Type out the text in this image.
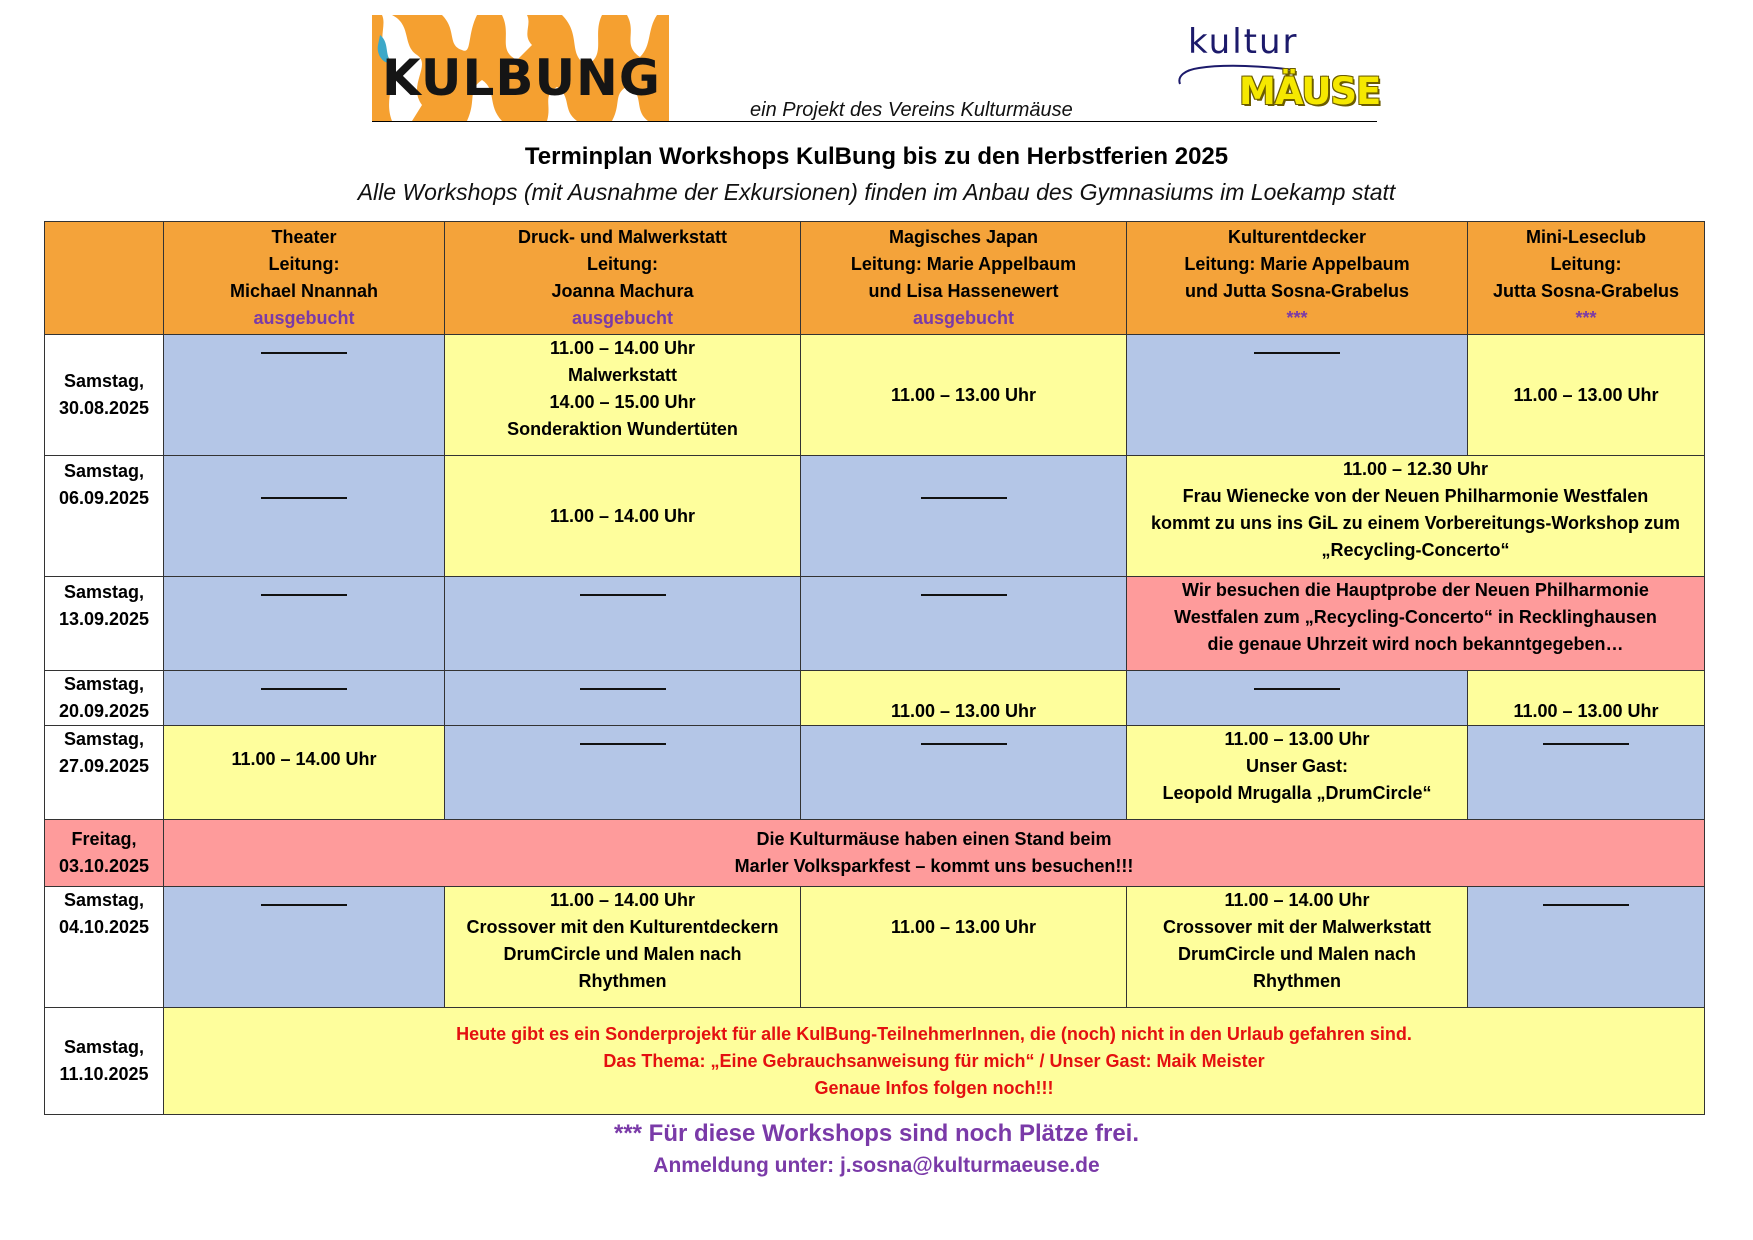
KULBUNG
ein Projekt des Vereins Kulturmäuse
kultur
MÄUSE
Terminplan Workshops KulBung bis zu den Herbstferien 2025
Alle Workshops (mit Ausnahme der Exkursionen) finden im Anbau des Gymnasiums im Loekamp statt

	Theater
Leitung:
Michael Nnannah
ausgebucht	Druck- und Malwerkstatt
Leitung:
Joanna Machura
ausgebucht	Magisches Japan
Leitung: Marie Appelbaum
und Lisa Hassenewert
ausgebucht	Kulturentdecker
Leitung: Marie Appelbaum
und Jutta Sosna-Grabelus
***	Mini-Leseclub
Leitung:
Jutta Sosna-Grabelus
***

Samstag,
30.08.2025		11.00 – 14.00 Uhr
Malwerkstatt
14.00 – 15.00 Uhr
Sonderaktion Wundertüten	11.00 – 13.00 Uhr		11.00 – 13.00 Uhr

Samstag,
06.09.2025		11.00 – 14.00 Uhr		11.00 – 12.30 Uhr
Frau Wienecke von der Neuen Philharmonie Westfalen
kommt zu uns ins GiL zu einem Vorbereitungs-Workshop zum
„Recycling-Concerto“	

Samstag,
13.09.2025				Wir besuchen die Hauptprobe der Neuen Philharmonie
Westfalen zum „Recycling-Concerto“ in Recklinghausen
die genaue Uhrzeit wird noch bekanntgegeben…	

Samstag,
20.09.2025			11.00 – 13.00 Uhr		11.00 – 13.00 Uhr

Samstag,
27.09.2025	11.00 – 14.00 Uhr			11.00 – 13.00 Uhr
Unser Gast:
Leopold Mrugalla „DrumCircle“	

Freitag,
03.10.2025	Die Kulturmäuse haben einen Stand beim
Marler Volksparkfest – kommt uns besuchen!!!				

Samstag,
04.10.2025		11.00 – 14.00 Uhr
Crossover mit den Kulturentdeckern
DrumCircle und Malen nach
Rhythmen	11.00 – 13.00 Uhr	11.00 – 14.00 Uhr
Crossover mit der Malwerkstatt
DrumCircle und Malen nach
Rhythmen	

Samstag,
11.10.2025	Heute gibt es ein Sonderprojekt für alle KulBung-TeilnehmerInnen, die (noch) nicht in den Urlaub gefahren sind.
Das Thema: „Eine Gebrauchsanweisung für mich“ / Unser Gast: Maik Meister
Genaue Infos folgen noch!!!				
*** Für diese Workshops sind noch Plätze frei.
Anmeldung unter: j.sosna@kulturmaeuse.de
